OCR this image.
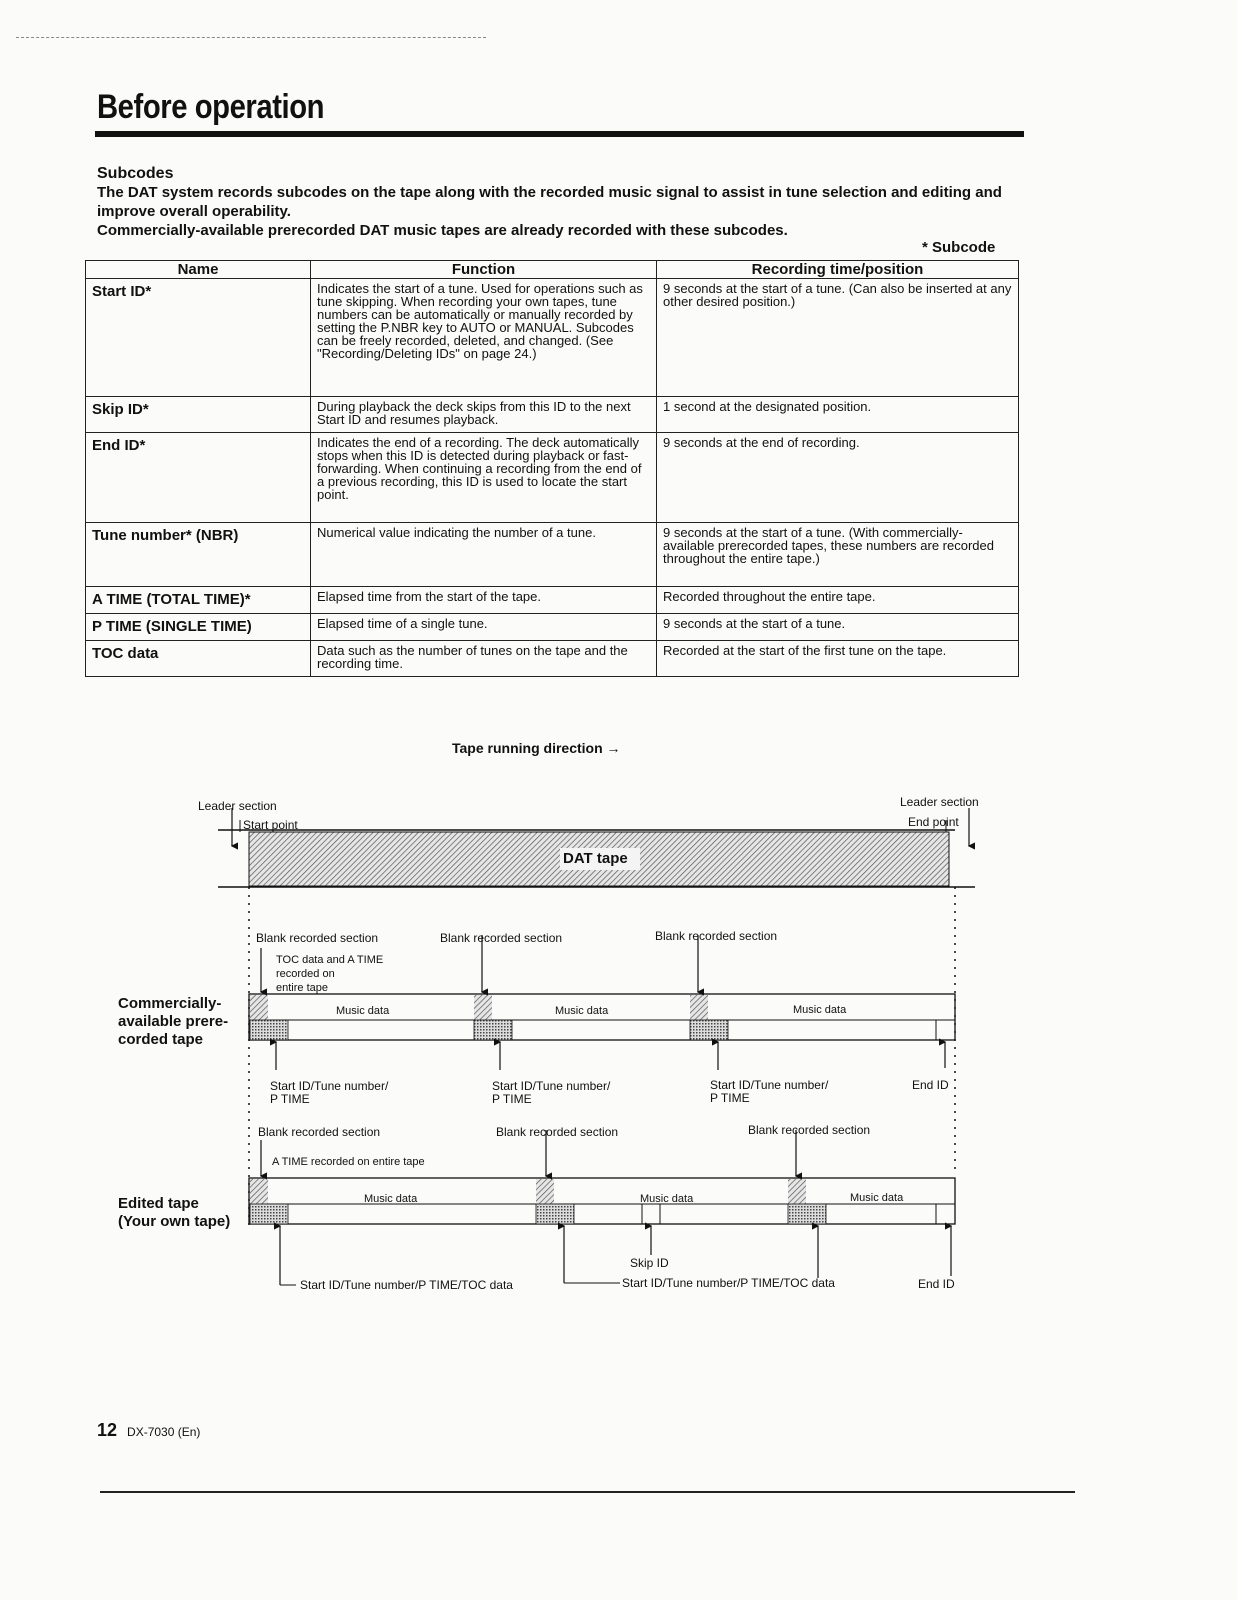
Before operation
Subcodes
The DAT system records subcodes on the tape along with the recorded music signal to assist in tune selection and editing and improve overall operability.
Commercially-available prerecorded DAT music tapes are already recorded with these subcodes.
* Subcode
Name	Function	Recording time/position
Start ID*	Indicates the start of a tune. Used for operations such as tune skipping. When recording your own tapes, tune numbers can be automatically or manually recorded by setting the P.NBR key to AUTO or MANUAL. Subcodes can be freely recorded, deleted, and changed. (See "Recording/Deleting IDs" on page 24.)	9 seconds at the start of a tune. (Can also be inserted at any other desired position.)
Skip ID*	During playback the deck skips from this ID to the next Start ID and resumes playback.	1 second at the designated position.
End ID*	Indicates the end of a recording. The deck automatically stops when this ID is detected during playback or fast-forwarding. When continuing a recording from the end of a previous recording, this ID is used to locate the start point.	9 seconds at the end of recording.
Tune number* (NBR)	Numerical value indicating the number of a tune.	9 seconds at the start of a tune. (With commercially-available prerecorded tapes, these numbers are recorded throughout the entire tape.)
A TIME (TOTAL TIME)*	Elapsed time from the start of the tape.	Recorded throughout the entire tape.
P TIME (SINGLE TIME)	Elapsed time of a single tune.	9 seconds at the start of a tune.
TOC data	Data such as the number of tunes on the tape and the recording time.	Recorded at the start of the first tune on the tape.
Tape running direction →
Leader section
Start point
Leader section
End point
DAT tape
Blank recorded section	Blank recorded section	Blank recorded section
TOC data and A TIME
recorded on
entire tape
Music data	Music data	Music data
Commercially-
available prere-
corded tape
Start ID/Tune number/
P TIME
Start ID/Tune number/
P TIME
Start ID/Tune number/
P TIME
End ID
Blank recorded section	Blank recorded section	Blank recorded section
A TIME recorded on entire tape
Music data	Music data	Music data
Edited tape
(Your own tape)
Skip ID
Start ID/Tune number/P TIME/TOC data	Start ID/Tune number/P TIME/TOC data	End ID
12 DX-7030 (En)
